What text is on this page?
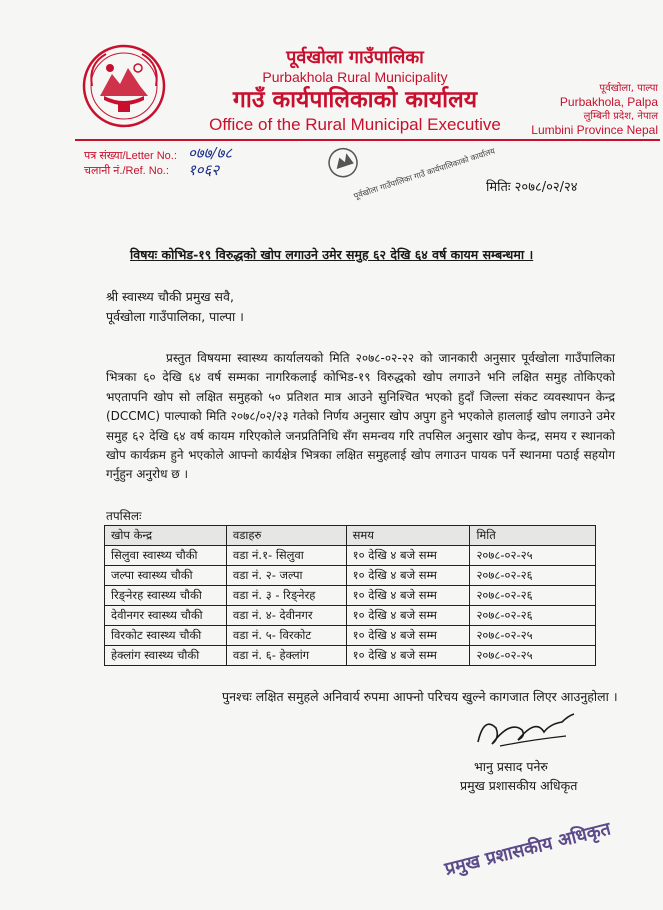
पूर्वखोला गाउँपालिका
Purbakhola Rural Municipality
गाउँ कार्यपालिकाको कार्यालय
Office of the Rural Municipal Executive
पूर्वखोला, पाल्पा
Purbakhola, Palpa
लुम्बिनी प्रदेश, नेपाल
Lumbini Province Nepal
पत्र संख्या/Letter No.: ०७७/७८
चलानी नं./Ref. No.: १०६२	पूर्वखोला गाउँपालिका गाउँ कार्यपालिकाको कार्यालय
मितिः २०७८/०२/२४
विषयः कोभिड-१९ विरुद्धको खोप लगाउने उमेर समुह ६२ देखि ६४ वर्ष कायम सम्बन्धमा ।
श्री स्वास्थ्य चौकी प्रमुख सवै,
पूर्वखोला गाउँपालिका, पाल्पा ।
प्रस्तुत विषयमा स्वास्थ्य कार्यालयको मिति २०७८-०२-२२ को जानकारी अनुसार पूर्वखोला गाउँपालिका भित्रका ६० देखि ६४ वर्ष सम्मका नागरिकलाई कोभिड-१९ विरुद्धको खोप लगाउने भनि लक्षित समुह तोकिएको भएतापनि खोप सो लक्षित समुहको ५० प्रतिशत मात्र आउने सुनिश्चित भएको हुदाँ जिल्ला संकट व्यवस्थापन केन्द्र (DCCMC) पाल्पाको मिति २०७८/०२/२३ गतेको निर्णय अनुसार खोप अपुग हुने भएकोले हाललाई खोप लगाउने उमेर समुह ६२ देखि ६४ वर्ष कायम गरिएकोले जनप्रतिनिधि सँग समन्वय गरि तपसिल अनुसार खोप केन्द्र, समय र स्थानको खोप कार्यक्रम हुने भएकोले आफ्नो कार्यक्षेत्र भित्रका लक्षित समुहलाई खोप लगाउन पायक पर्ने स्थानमा पठाई सहयोग गर्नुहुन अनुरोध छ ।
तपसिलः
खोप केन्द्र	वडाहरु	समय	मिति
सिलुवा स्वास्थ्य चौकी	वडा नं.१- सिलुवा	१० देखि ४ बजे सम्म	२०७८-०२-२५
जल्पा स्वास्थ्य चौकी	वडा नं. २- जल्पा	१० देखि ४ बजे सम्म	२०७८-०२-२६
रिङ्नेरह स्वास्थ्य चौकी	वडा नं. ३ - रिङ्नेरह	१० देखि ४ बजे सम्म	२०७८-०२-२६
देवीनगर स्वास्थ्य चौकी	वडा नं. ४- देवीनगर	१० देखि ४ बजे सम्म	२०७८-०२-२६
विरकोट स्वास्थ्य चौकी	वडा नं. ५- विरकोट	१० देखि ४ बजे सम्म	२०७८-०२-२५
हेक्लांग स्वास्थ्य चौकी	वडा नं. ६- हेक्लांग	१० देखि ४ बजे सम्म	२०७८-०२-२५
पुनश्चः लक्षित समुहले अनिवार्य रुपमा आफ्नो परिचय खुल्ने कागजात लिएर आउनुहोला ।
भानु प्रसाद पनेरु
प्रमुख प्रशासकीय अधिकृत
प्रमुख प्रशासकीय अधिकृत
